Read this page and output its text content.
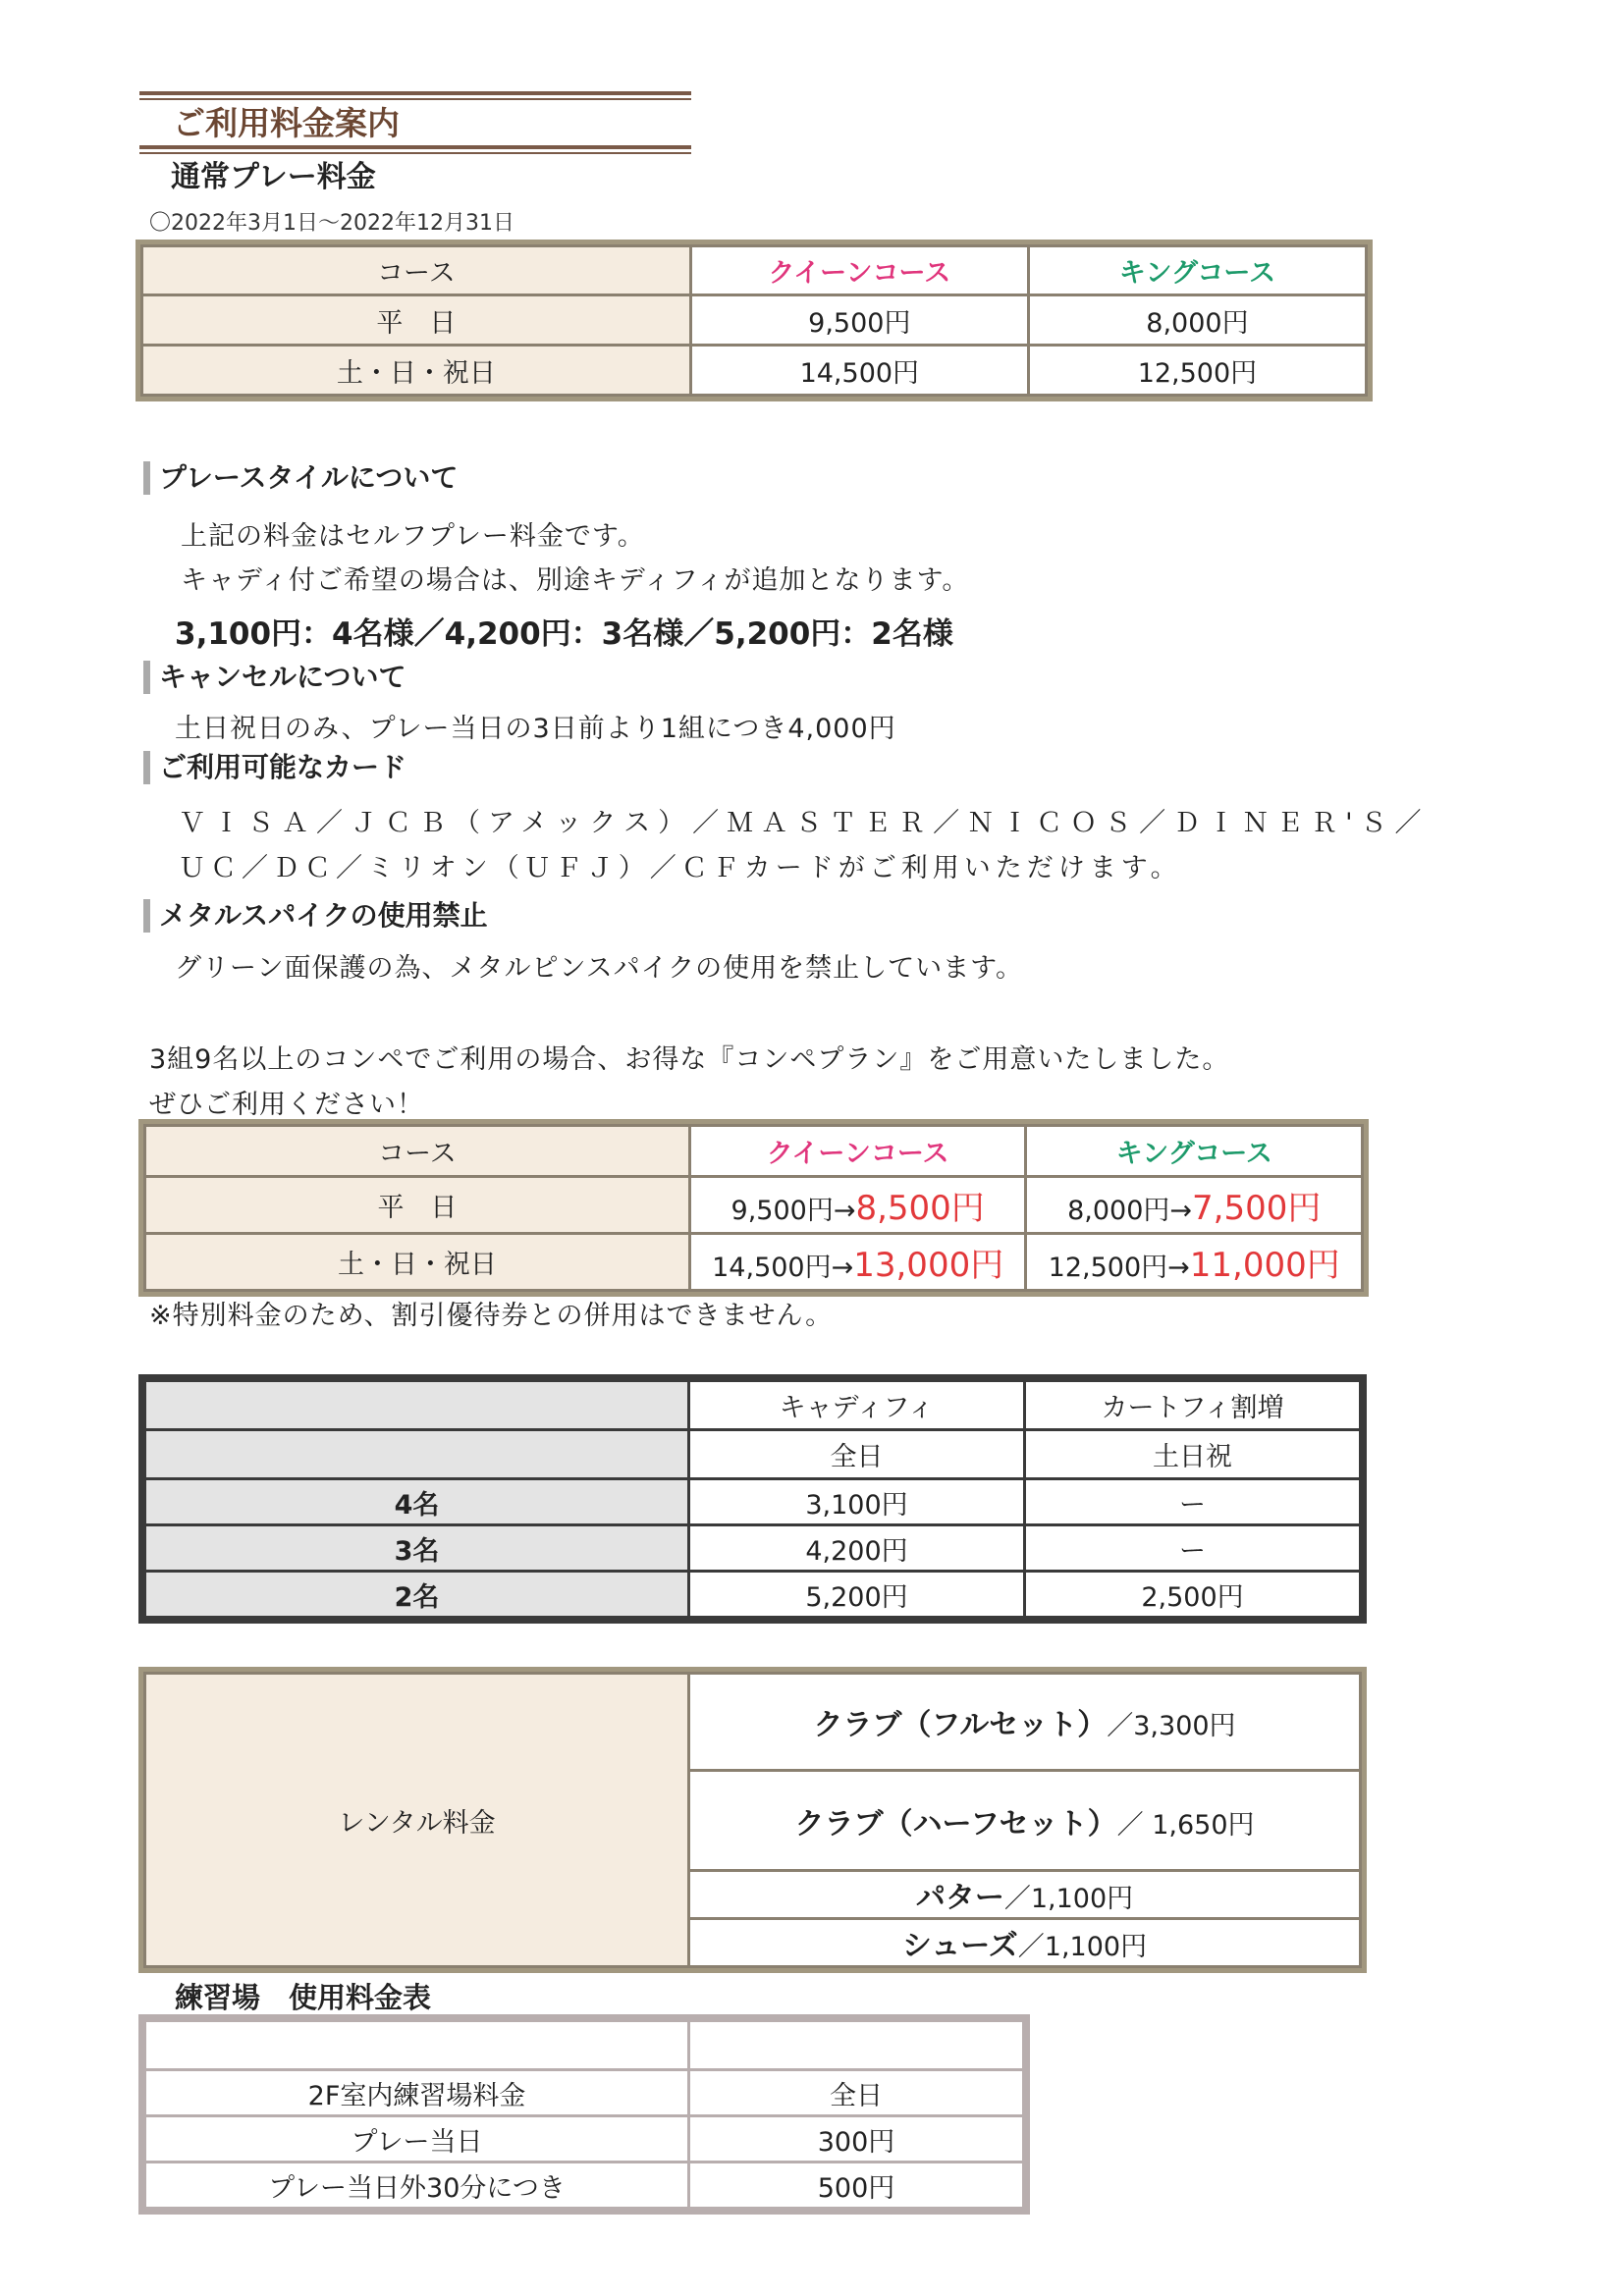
ご利用料金案内
通常プレー料金
〇2022年3月1日～2022年12月31日
コース	クイーンコース	キングコース
平　日	9,500円	8,000円
土・日・祝日	14,500円	12,500円
プレースタイルについて
上記の料金はセルフプレー料金です。
キャディ付ご希望の場合は、別途キディフィが追加となります。
3,100円：4名様／4,200円：3名様／5,200円：2名様
キャンセルについて
土日祝日のみ、プレー当日の3日前より1組につき4,000円
ご利用可能なカード
ＶＩＳＡ／ＪＣＢ（アメックス）／ＭＡＳＴＥＲ／ＮＩＣＯＳ／ＤＩＮＥＲ'Ｓ／
ＵＣ／ＤＣ／ミリオン（ＵＦＪ）／ＣＦカードがご利用いただけます。
メタルスパイクの使用禁止
グリーン面保護の為、メタルピンスパイクの使用を禁止しています。
3組9名以上のコンペでご利用の場合、お得な『コンペプラン』をご用意いたしました。
ぜひご利用ください！
コース	クイーンコース	キングコース
平　日	9,500円→8,500円	8,000円→7,500円
土・日・祝日	14,500円→13,000円	12,500円→11,000円
※特別料金のため、割引優待券との併用はできません。
	キャディフィ	カートフィ割増
	全日	土日祝
4名	3,100円	ー
3名	4,200円	ー
2名	5,200円	2,500円
レンタル料金	クラブ（フルセット）／3,300円
クラブ（ハーフセット）／ 1,650円
パター／1,100円
シューズ／1,100円
練習場　使用料金表

2F室内練習場料金	全日
プレー当日	300円
プレー当日外30分につき	500円
